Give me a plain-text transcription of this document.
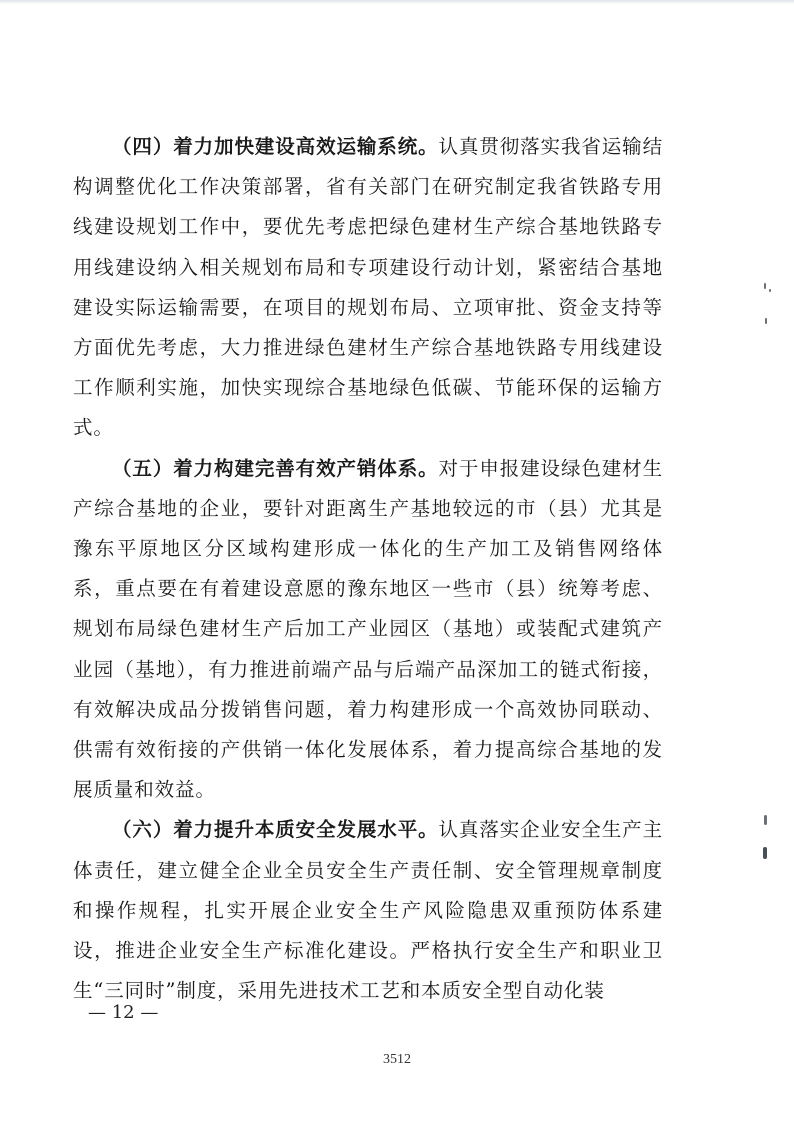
（四）着力加快建设高效运输系统。认真贯彻落实我省运输结构调整优化工作决策部署，省有关部门在研究制定我省铁路专用线建设规划工作中，要优先考虑把绿色建材生产综合基地铁路专用线建设纳入相关规划布局和专项建设行动计划，紧密结合基地建设实际运输需要，在项目的规划布局、立项审批、资金支持等方面优先考虑，大力推进绿色建材生产综合基地铁路专用线建设工作顺利实施，加快实现综合基地绿色低碳、节能环保的运输方式。

（五）着力构建完善有效产销体系。对于申报建设绿色建材生产综合基地的企业，要针对距离生产基地较远的市（县）尤其是豫东平原地区分区域构建形成一体化的生产加工及销售网络体系，重点要在有着建设意愿的豫东地区一些市（县）统筹考虑、规划布局绿色建材生产后加工产业园区（基地）或装配式建筑产业园（基地），有力推进前端产品与后端产品深加工的链式衔接，有效解决成品分拨销售问题，着力构建形成一个高效协同联动、供需有效衔接的产供销一体化发展体系，着力提高综合基地的发展质量和效益。

（六）着力提升本质安全发展水平。认真落实企业安全生产主体责任，建立健全企业全员安全生产责任制、安全管理规章制度和操作规程，扎实开展企业安全生产风险隐患双重预防体系建设，推进企业安全生产标准化建设。严格执行安全生产和职业卫生“三同时”制度，采用先进技术工艺和本质安全型自动化装

— 12 —
3512
